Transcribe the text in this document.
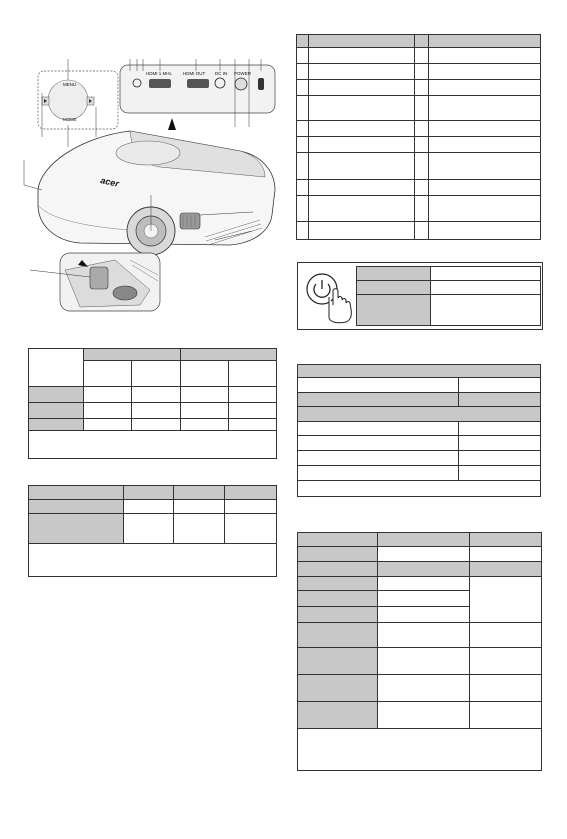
MENU
MODE
HDMI 1 MHL HDMI OUT DC IN POWER
acer
